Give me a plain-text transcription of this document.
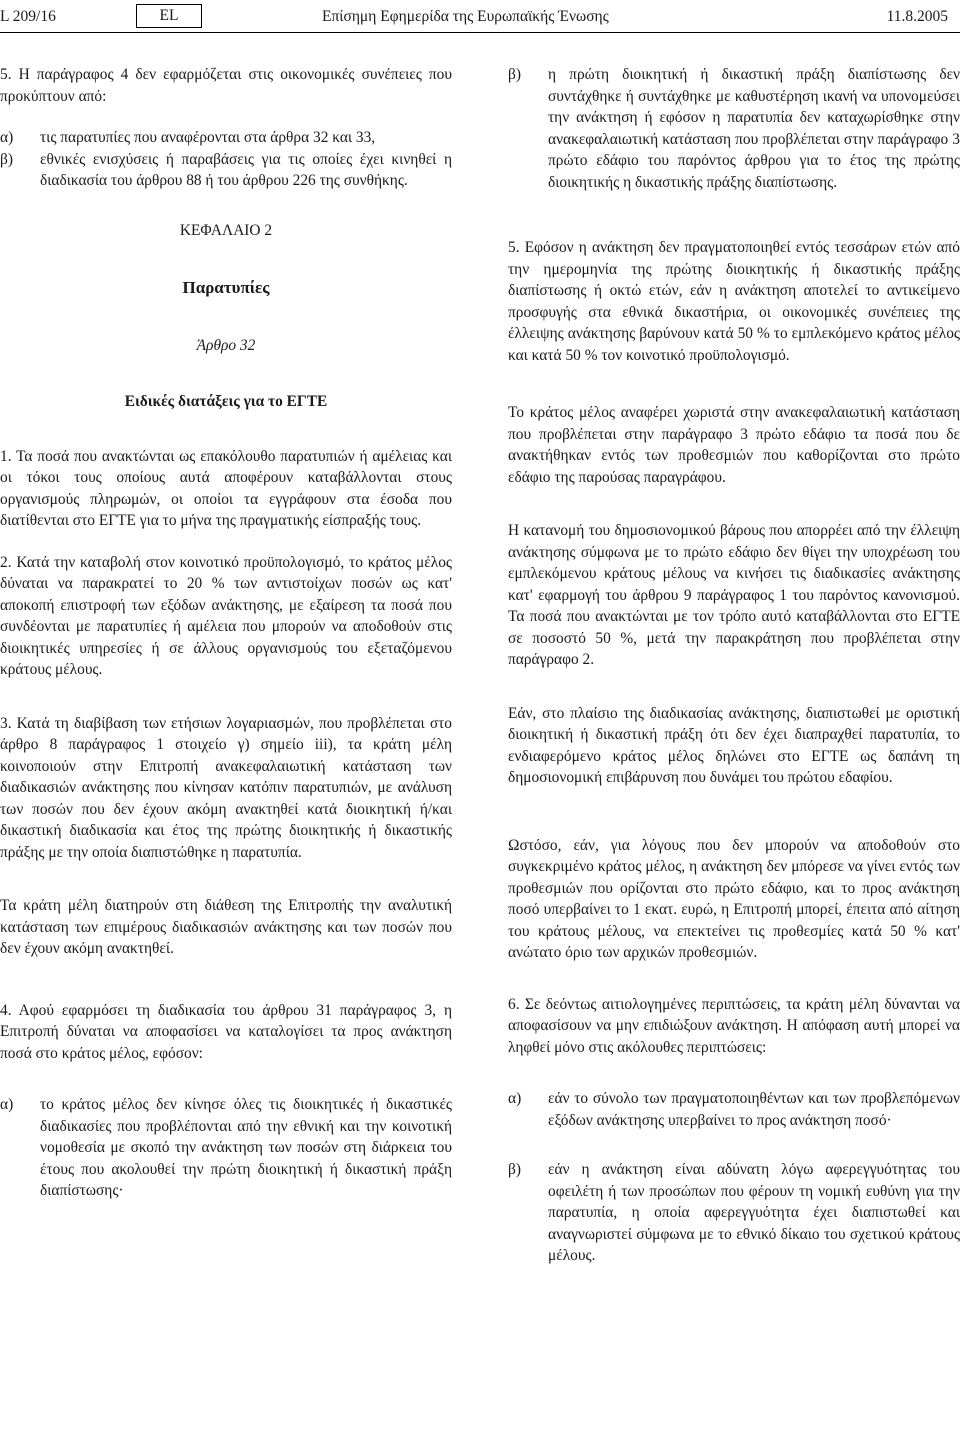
L 209/16	EL	Επίσημη Εφημερίδα της Ευρωπαϊκής Ένωσης	11.8.2005

5. Η παράγραφος 4 δεν εφαρμόζεται στις οικονομικές συνέπειες που προκύπτουν από:

α)	τις παρατυπίες που αναφέρονται στα άρθρα 32 και 33,
β)	εθνικές ενισχύσεις ή παραβάσεις για τις οποίες έχει κινηθεί η διαδικασία του άρθρου 88 ή του άρθρου 226 της συνθήκης.

ΚΕΦΑΛΑΙΟ 2

Παρατυπίες

Άρθρο 32

Ειδικές διατάξεις για το ΕΓΤΕ

1. Τα ποσά που ανακτώνται ως επακόλουθο παρατυπιών ή αμέλειας και οι τόκοι τους οποίους αυτά αποφέρουν καταβάλλονται στους οργανισμούς πληρωμών, οι οποίοι τα εγγράφουν στα έσοδα που διατίθενται στο ΕΓΤΕ για το μήνα της πραγματικής είσπραξής τους.

2. Κατά την καταβολή στον κοινοτικό προϋπολογισμό, το κράτος μέλος δύναται να παρακρατεί το 20 % των αντιστοίχων ποσών ως κατ' αποκοπή επιστροφή των εξόδων ανάκτησης, με εξαίρεση τα ποσά που συνδέονται με παρατυπίες ή αμέλεια που μπορούν να αποδοθούν στις διοικητικές υπηρεσίες ή σε άλλους οργανισμούς του εξεταζόμενου κράτους μέλους.

3. Κατά τη διαβίβαση των ετήσιων λογαριασμών, που προβλέπεται στο άρθρο 8 παράγραφος 1 στοιχείο γ) σημείο iii), τα κράτη μέλη κοινοποιούν στην Επιτροπή ανακεφαλαιωτική κατάσταση των διαδικασιών ανάκτησης που κίνησαν κατόπιν παρατυπιών, με ανάλυση των ποσών που δεν έχουν ακόμη ανακτηθεί κατά διοικητική ή/και δικαστική διαδικασία και έτος της πρώτης διοικητικής ή δικαστικής πράξης με την οποία διαπιστώθηκε η παρατυπία.

Τα κράτη μέλη διατηρούν στη διάθεση της Επιτροπής την αναλυτική κατάσταση των επιμέρους διαδικασιών ανάκτησης και των ποσών που δεν έχουν ακόμη ανακτηθεί.

4. Αφού εφαρμόσει τη διαδικασία του άρθρου 31 παράγραφος 3, η Επιτροπή δύναται να αποφασίσει να καταλογίσει τα προς ανάκτηση ποσά στο κράτος μέλος, εφόσον:

α)	το κράτος μέλος δεν κίνησε όλες τις διοικητικές ή δικαστικές διαδικασίες που προβλέπονται από την εθνική και την κοινοτική νομοθεσία με σκοπό την ανάκτηση των ποσών στη διάρκεια του έτους που ακολουθεί την πρώτη διοικητική ή δικαστική πράξη διαπίστωσης·
β)	η πρώτη διοικητική ή δικαστική πράξη διαπίστωσης δεν συντάχθηκε ή συντάχθηκε με καθυστέρηση ικανή να υπονομεύσει την ανάκτηση ή εφόσον η παρατυπία δεν καταχωρίσθηκε στην ανακεφαλαιωτική κατάσταση που προβλέπεται στην παράγραφο 3 πρώτο εδάφιο του παρόντος άρθρου για το έτος της πρώτης διοικητικής η δικαστικής πράξης διαπίστωσης.

5. Εφόσον η ανάκτηση δεν πραγματοποιηθεί εντός τεσσάρων ετών από την ημερομηνία της πρώτης διοικητικής ή δικαστικής πράξης διαπίστωσης ή οκτώ ετών, εάν η ανάκτηση αποτελεί το αντικείμενο προσφυγής στα εθνικά δικαστήρια, οι οικονομικές συνέπειες της έλλειψης ανάκτησης βαρύνουν κατά 50 % το εμπλεκόμενο κράτος μέλος και κατά 50 % τον κοινοτικό προϋπολογισμό.

Το κράτος μέλος αναφέρει χωριστά στην ανακεφαλαιωτική κατάσταση που προβλέπεται στην παράγραφο 3 πρώτο εδάφιο τα ποσά που δε ανακτήθηκαν εντός των προθεσμιών που καθορίζονται στο πρώτο εδάφιο της παρούσας παραγράφου.

Η κατανομή του δημοσιονομικού βάρους που απορρέει από την έλλειψη ανάκτησης σύμφωνα με το πρώτο εδάφιο δεν θίγει την υποχρέωση του εμπλεκόμενου κράτους μέλους να κινήσει τις διαδικασίες ανάκτησης κατ' εφαρμογή του άρθρου 9 παράγραφος 1 του παρόντος κανονισμού. Τα ποσά που ανακτώνται με τον τρόπο αυτό καταβάλλονται στο ΕΓΤΕ σε ποσοστό 50 %, μετά την παρακράτηση που προβλέπεται στην παράγραφο 2.

Εάν, στο πλαίσιο της διαδικασίας ανάκτησης, διαπιστωθεί με οριστική διοικητική ή δικαστική πράξη ότι δεν έχει διαπραχθεί παρατυπία, το ενδιαφερόμενο κράτος μέλος δηλώνει στο ΕΓΤΕ ως δαπάνη τη δημοσιονομική επιβάρυνση που δυνάμει του πρώτου εδαφίου.

Ωστόσο, εάν, για λόγους που δεν μπορούν να αποδοθούν στο συγκεκριμένο κράτος μέλος, η ανάκτηση δεν μπόρεσε να γίνει εντός των προθεσμιών που ορίζονται στο πρώτο εδάφιο, και το προς ανάκτηση ποσό υπερβαίνει το 1 εκατ. ευρώ, η Επιτροπή μπορεί, έπειτα από αίτηση του κράτους μέλους, να επεκτείνει τις προθεσμίες κατά 50 % κατ' ανώτατο όριο των αρχικών προθεσμιών.

6. Σε δεόντως αιτιολογημένες περιπτώσεις, τα κράτη μέλη δύνανται να αποφασίσουν να μην επιδιώξουν ανάκτηση. Η απόφαση αυτή μπορεί να ληφθεί μόνο στις ακόλουθες περιπτώσεις:

α)	εάν το σύνολο των πραγματοποιηθέντων και των προβλεπόμενων εξόδων ανάκτησης υπερβαίνει το προς ανάκτηση ποσό·
β)	εάν η ανάκτηση είναι αδύνατη λόγω αφερεγγυότητας του οφειλέτη ή των προσώπων που φέρουν τη νομική ευθύνη για την παρατυπία, η οποία αφερεγγυότητα έχει διαπιστωθεί και αναγνωριστεί σύμφωνα με το εθνικό δίκαιο του σχετικού κράτους μέλους.
